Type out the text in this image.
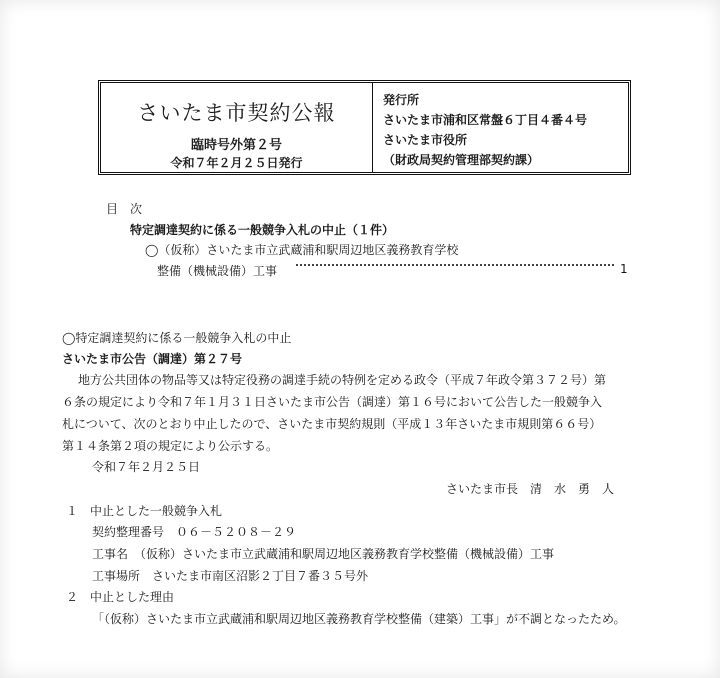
さいたま市契約公報
臨時号外第２号
令和７年２月２５日発行
発行所
さいたま市浦和区常盤６丁目４番４号
さいたま市役所
（財政局契約管理部契約課）
目　次
特定調達契約に係る一般競争入札の中止（１件）
◯（仮称）さいたま市立武蔵浦和駅周辺地区義務教育学校
整備（機械設備）工事	1
◯特定調達契約に係る一般競争入札の中止
さいたま市公告（調達）第２７号
地方公共団体の物品等又は特定役務の調達手続の特例を定める政令（平成７年政令第３７２号）第
６条の規定により令和７年１月３１日さいたま市公告（調達）第１６号において公告した一般競争入
札について、次のとおり中止したので、さいたま市契約規則（平成１３年さいたま市規則第６６号）
第１４条第２項の規定により公示する。
令和７年２月２５日
さいたま市長　清　水　勇　人
１　中止とした一般競争入札
契約整理番号　０６－５２０８－２９
工事名　（仮称）さいたま市立武蔵浦和駅周辺地区義務教育学校整備（機械設備）工事
工事場所　さいたま市南区沼影２丁目７番３５号外
２　中止とした理由
「（仮称）さいたま市立武蔵浦和駅周辺地区義務教育学校整備（建築）工事」が不調となったため。
